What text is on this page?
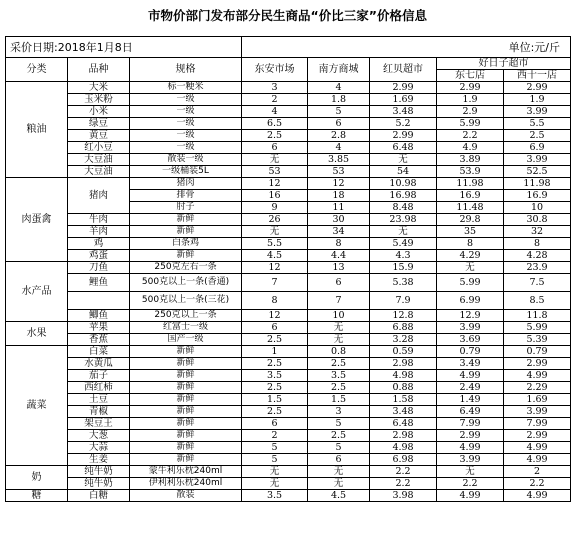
市物价部门发布部分民生商品“价比三家”价格信息
采价日期:2018年1月8日			单位:元/斤				
分类	品种	规格	东安市场	南方商城	红贝超市	好日子超市	
						东七店	西十一店
粮油	大米	标一粳米	3	4	2.99	2.99	2.99
	玉米粉	一级	2	1.8	1.69	1.9	1.9
	小米	一级	4	5	3.48	2.9	3.99
	绿豆	一级	6.5	6	5.2	5.99	5.5
	黄豆	一级	2.5	2.8	2.99	2.2	2.5
	红小豆	一级	6	4	6.48	4.9	6.9
	大豆油	散装一级	无	3.85	无	3.89	3.99
	大豆油	一级桶装5L	53	53	54	53.9	52.5
肉蛋禽	猪肉	猪肉	12	12	10.98	11.98	11.98
		排骨	16	18	16.98	16.9	16.9
		肘子	9	11	8.48	11.48	10
	牛肉	新鲜	26	30	23.98	29.8	30.8
	羊肉	新鲜	无	34	无	35	32
	鸡	白条鸡	5.5	8	5.49	8	8
	鸡蛋	新鲜	4.5	4.4	4.3	4.29	4.28
水产品	刀鱼	250克左右一条	12	13	15.9	无	23.9
	鲤鱼	500克以上一条(香通)	7	6	5.38	5.99	7.5
		500克以上一条(三花)	8	7	7.9	6.99	8.5
	鲫鱼	250克以上一条	12	10	12.8	12.9	11.8
水果	苹果	红富士一级	6	无	6.88	3.99	5.99
	香蕉	国产一级	2.5	无	3.28	3.69	5.39
蔬菜	白菜	新鲜	1	0.8	0.59	0.79	0.79
	水黄瓜	新鲜	2.5	2.5	2.98	3.49	2.99
	茄子	新鲜	3.5	3.5	4.98	4.99	4.99
	西红柿	新鲜	2.5	2.5	0.88	2.49	2.29
	土豆	新鲜	1.5	1.5	1.58	1.49	1.69
	青椒	新鲜	2.5	3	3.48	6.49	3.99
	架豆王	新鲜	6	5	6.48	7.99	7.99
	大葱	新鲜	2	2.5	2.98	2.99	2.99
	大蒜	新鲜	5	5	4.98	4.99	4.99
	生姜	新鲜	5	6	6.98	3.99	4.99
奶	纯牛奶	蒙牛利乐枕240ml	无	无	2.2	无	2
	纯牛奶	伊利利乐枕240ml	无	无	2.2	2.2	2.2
糖	白糖	散装	3.5	4.5	3.98	4.99	4.99
